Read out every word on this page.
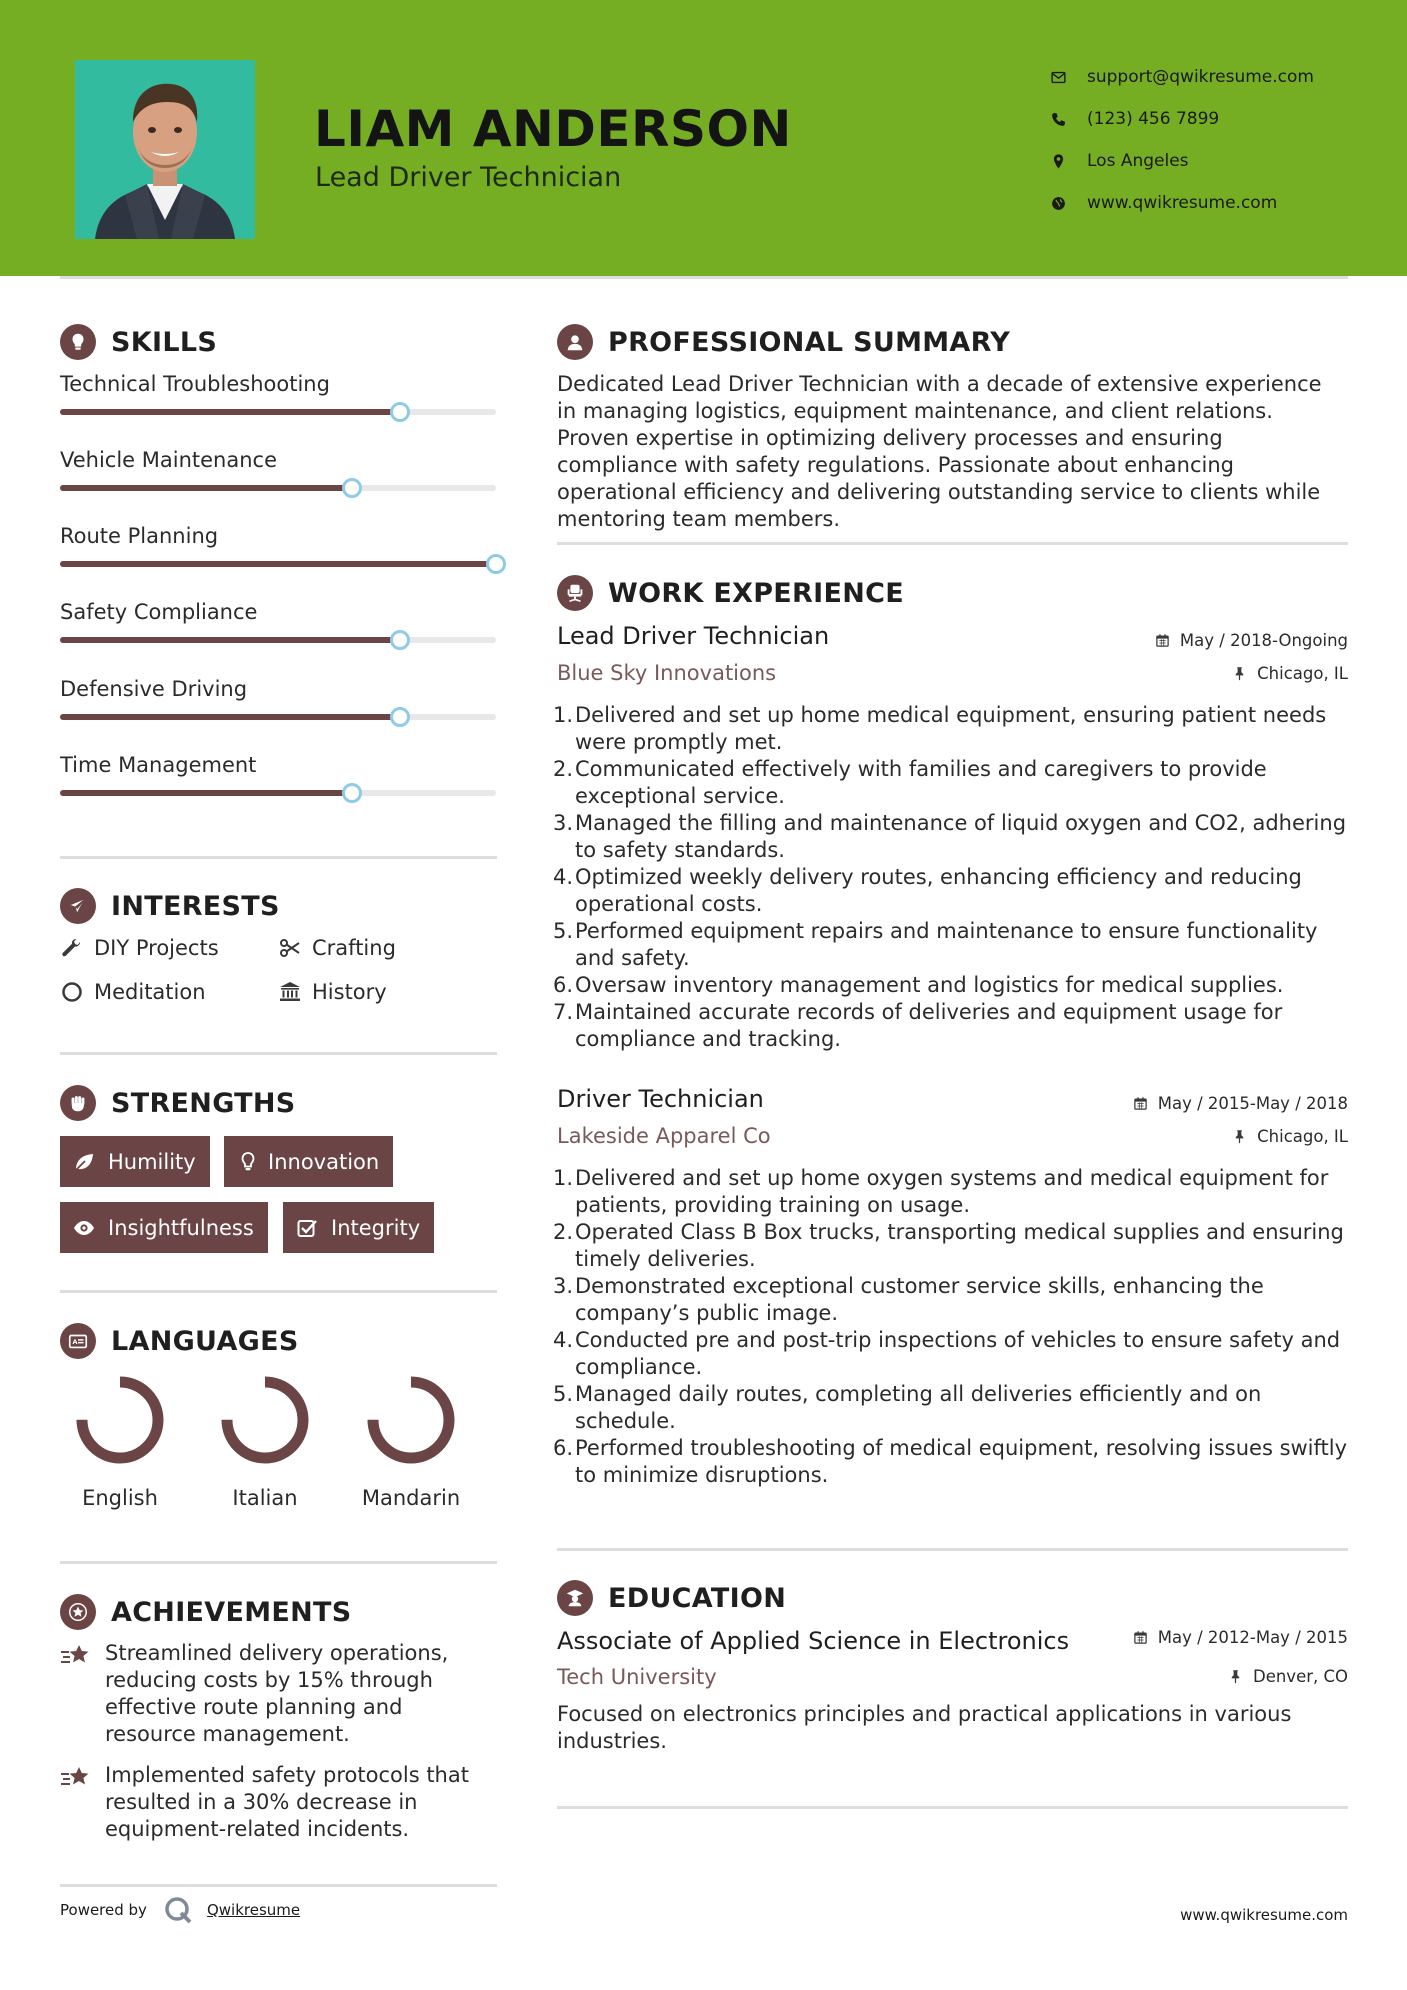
LIAM ANDERSON
Lead Driver Technician
support@qwikresume.com
(123) 456 7899
Los Angeles
www.qwikresume.com
SKILLS
Technical Troubleshooting
Vehicle Maintenance
Route Planning
Safety Compliance
Defensive Driving
Time Management
INTERESTS
DIY Projects	Crafting
Meditation	History
STRENGTHS
Humility	Innovation
Insightfulness	Integrity
A LANGUAGES
English	Italian	Mandarin
ACHIEVEMENTS

Streamlined delivery operations, reducing costs by 15% through effective route planning and resource management.

Implemented safety protocols that resulted in a 30% decrease in equipment-related incidents.

PROFESSIONAL SUMMARY
Dedicated Lead Driver Technician with a decade of extensive experience in managing logistics, equipment maintenance, and client relations. Proven expertise in optimizing delivery processes and ensuring compliance with safety regulations. Passionate about enhancing operational efficiency and delivering outstanding service to clients while mentoring team members.
WORK EXPERIENCE
Lead Driver Technician	May / 2018-Ongoing
Blue Sky Innovations	Chicago, IL
1. Delivered and set up home medical equipment, ensuring patient needs were promptly met.
2. Communicated effectively with families and caregivers to provide exceptional service.
3. Managed the filling and maintenance of liquid oxygen and CO2, adhering to safety standards.
4. Optimized weekly delivery routes, enhancing efficiency and reducing operational costs.
5. Performed equipment repairs and maintenance to ensure functionality and safety.
6. Oversaw inventory management and logistics for medical supplies.
7. Maintained accurate records of deliveries and equipment usage for compliance and tracking.
Driver Technician	May / 2015-May / 2018
Lakeside Apparel Co	Chicago, IL
1. Delivered and set up home oxygen systems and medical equipment for patients, providing training on usage.
2. Operated Class B Box trucks, transporting medical supplies and ensuring timely deliveries.
3. Demonstrated exceptional customer service skills, enhancing the company’s public image.
4. Conducted pre and post-trip inspections of vehicles to ensure safety and compliance.
5. Managed daily routes, completing all deliveries efficiently and on schedule.
6. Performed troubleshooting of medical equipment, resolving issues swiftly to minimize disruptions.
EDUCATION
Associate of Applied Science in Electronics	May / 2012-May / 2015
Tech University	Denver, CO
Focused on electronics principles and practical applications in various industries.
Powered by	Qwikresume	www.qwikresume.com
